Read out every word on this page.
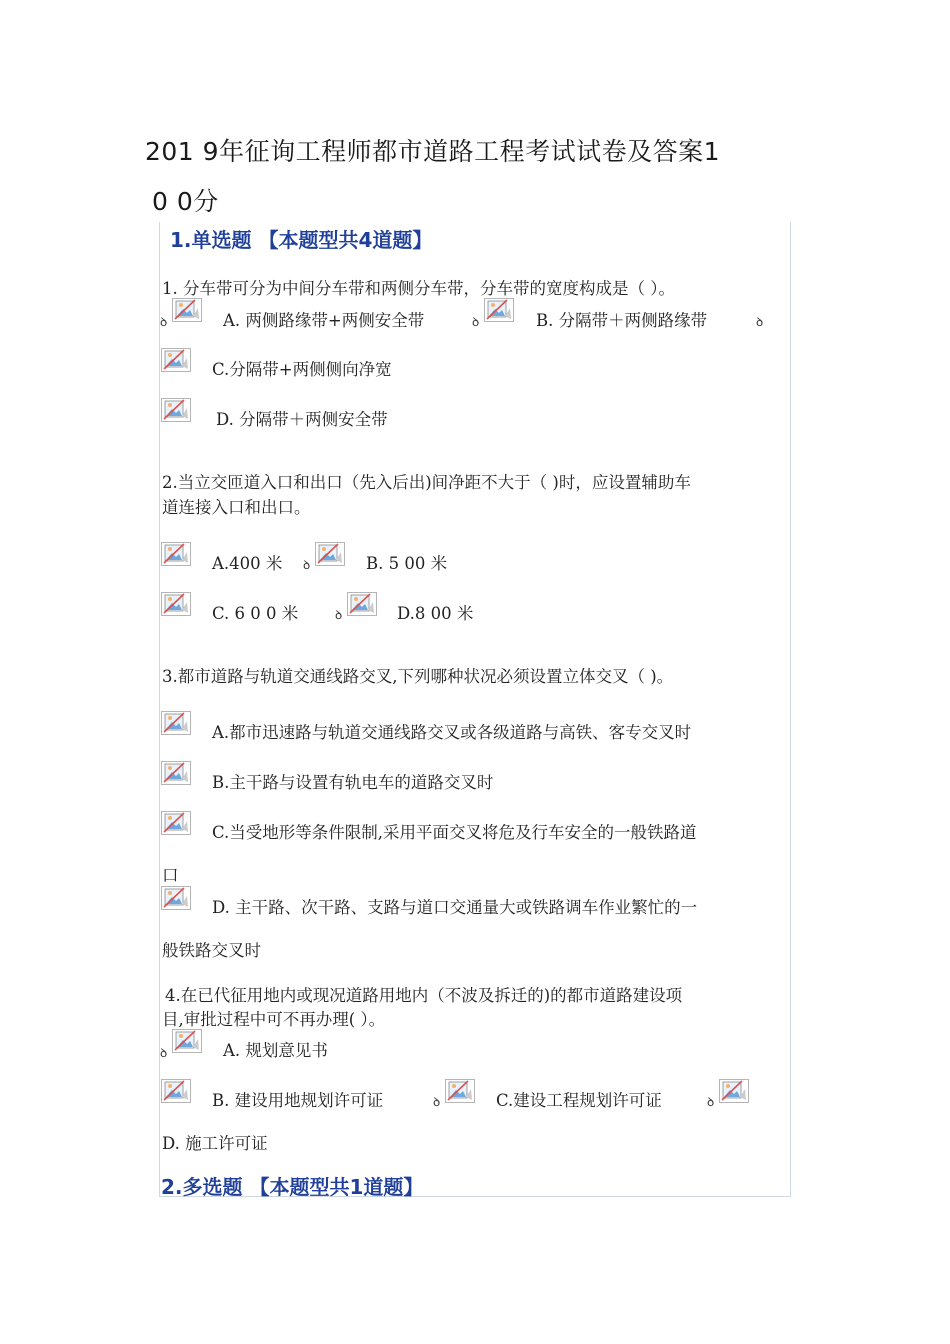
201 9年征询工程师都市道路工程考试试卷及答案1
0 0分
1.单选题 【本题型共4道题】
1. 分车带可分为中间分车带和两侧分车带，分车带的宽度构成是（ ）。
ꝺ	A. 两侧路缘带+两侧安全带	ꝺ	B. 分隔带＋两侧路缘带	ꝺ
C.分隔带+两侧侧向净宽
D. 分隔带＋两侧安全带
2.当立交匝道入口和出口（先入后出)间净距不大于（ )时，应设置辅助车
道连接入口和出口。
A.400 米 ꝺ	B. 5 00 米
C. 6 0 0 米	ꝺ	D.8 00 米
3.都市道路与轨道交通线路交叉,下列哪种状况必须设置立体交叉（ )。
A.都市迅速路与轨道交通线路交叉或各级道路与高铁、客专交叉时
B.主干路与设置有轨电车的道路交叉时
C.当受地形等条件限制,采用平面交叉将危及行车安全的一般铁路道
口
D. 主干路、次干路、支路与道口交通量大或铁路调车作业繁忙的一
般铁路交叉时
4.在已代征用地内或现况道路用地内（不波及拆迁的)的都市道路建设项
目,审批过程中可不再办理( ）。
ꝺ	A. 规划意见书
B. 建设用地规划许可证	ꝺ	C.建设工程规划许可证	ꝺ
D. 施工许可证
2.多选题 【本题型共1道题】
